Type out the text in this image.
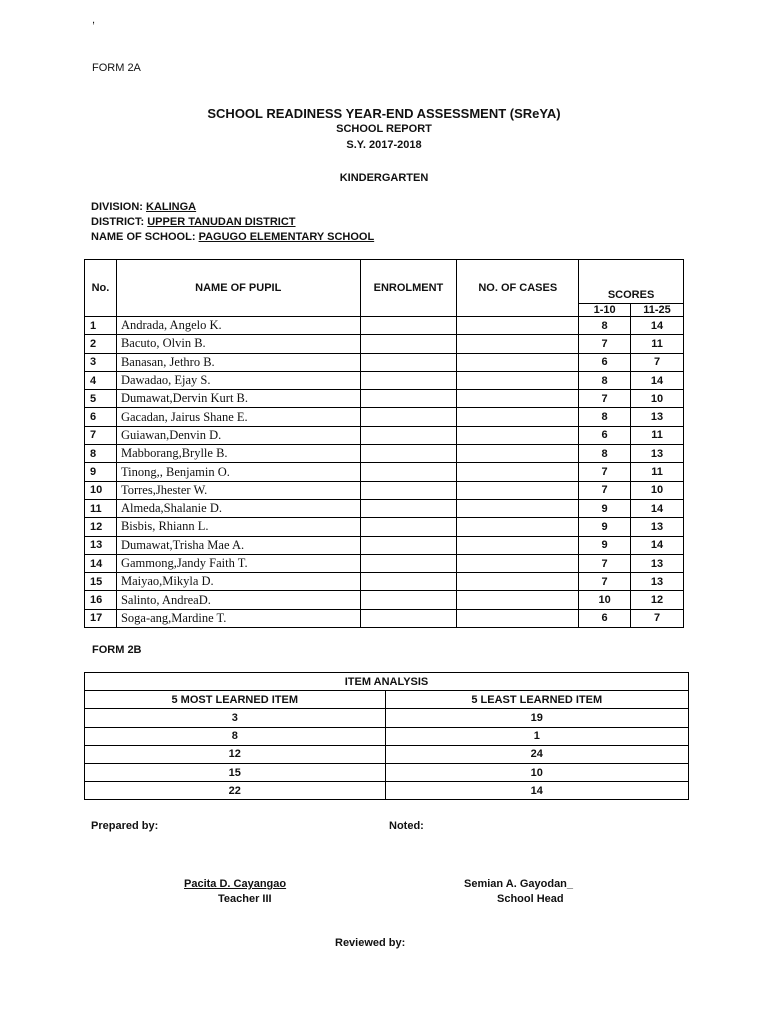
,
FORM 2A
SCHOOL READINESS YEAR-END ASSESSMENT (SReYA)
SCHOOL REPORT
S.Y. 2017-2018
KINDERGARTEN
DIVISION: KALINGA
DISTRICT: UPPER TANUDAN DISTRICT
NAME OF SCHOOL: PAGUGO ELEMENTARY SCHOOL
No.	NAME OF PUPIL	ENROLMENT	NO. OF CASES	SCORES	
				1-10	11-25
1	Andrada, Angelo K.			8	14
2	Bacuto, Olvin B.			7	11
3	Banasan, Jethro B.			6	7
4	Dawadao, Ejay S.			8	14
5	Dumawat,Dervin Kurt B.			7	10
6	Gacadan, Jairus Shane E.			8	13
7	Guiawan,Denvin D.			6	11
8	Mabborang,Brylle B.			8	13
9	Tinong,, Benjamin O.			7	11
10	Torres,Jhester W.			7	10
11	Almeda,Shalanie D.			9	14
12	Bisbis, Rhiann L.			9	13
13	Dumawat,Trisha Mae A.			9	14
14	Gammong,Jandy Faith T.			7	13
15	Maiyao,Mikyla D.			7	13
16	Salinto, AndreaD.			10	12
17	Soga-ang,Mardine T.			6	7
FORM 2B
ITEM ANALYSIS	
5 MOST LEARNED ITEM	5 LEAST LEARNED ITEM
3	19
8	1
12	24
15	10
22	14
Prepared by:	Noted:
Pacita D. Cayangao
Teacher III
Semian A. Gayodan_
School Head
Reviewed by:
